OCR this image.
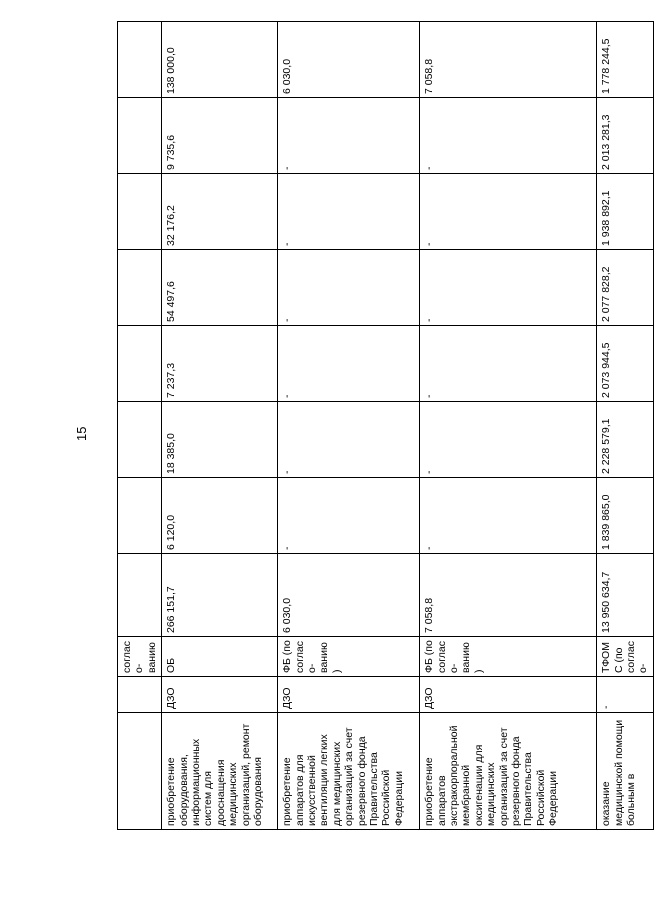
15
		согласо-
ванию								
приобретение оборудования, информационных систем для дооснащения медицинских организаций, ремонт оборудования	ДЗО	ОБ	266 151,7	6 120,0	18 385,0	7 237,3	54 497,6	32 176,2	9 735,6	138 000,0
приобретение аппаратов для искусственной вентиляции легких для медицинских организаций за счет резервного фонда Правительства Российской Федерации	ДЗО	ФБ (по согласо-
ванию)	6 030,0	-	-	-	-	-	-	6 030,0
приобретение аппаратов экстракорпоральной мембранной оксигенации для медицинских организаций за счет резервного фонда Правительства Российской Федерации	ДЗО	ФБ (по согласо-
ванию)	7 058,8	-	-	-	-	-	-	7 058,8
оказание медицинской помощи больным в	-	ТФОМС (по согласо-	13 950 634,7	1 839 865,0	2 228 579,1	2 073 944,5	2 077 828,2	1 938 892,1	2 013 281,3	1 778 244,5
